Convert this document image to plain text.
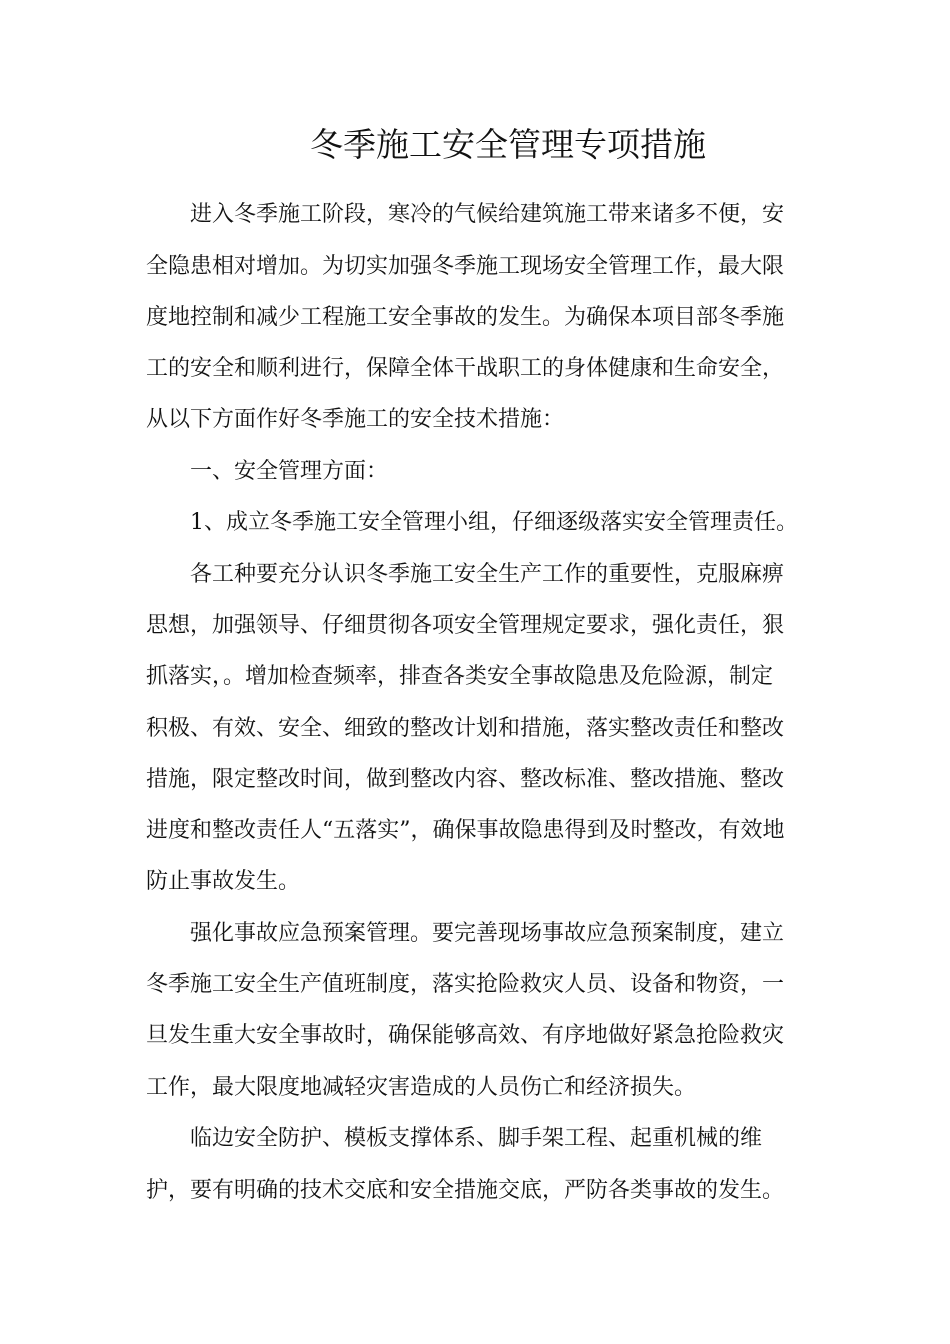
冬季施工安全管理专项措施
进入冬季施工阶段，寒冷的气候给建筑施工带来诸多不便，安
全隐患相对增加。为切实加强冬季施工现场安全管理工作，最大限
度地控制和减少工程施工安全事故的发生。为确保本项目部冬季施
工的安全和顺利进行，保障全体干战职工的身体健康和生命安全，
从以下方面作好冬季施工的安全技术措施：
一、安全管理方面：
1、成立冬季施工安全管理小组，仔细逐级落实安全管理责任。
各工种要充分认识冬季施工安全生产工作的重要性，克服麻痹
思想，加强领导、仔细贯彻各项安全管理规定要求，强化责任，狠
抓落实，。增加检查频率，排查各类安全事故隐患及危险源，制定
积极、有效、安全、细致的整改计划和措施，落实整改责任和整改
措施，限定整改时间，做到整改内容、整改标准、整改措施、整改
进度和整改责任人“五落实”，确保事故隐患得到及时整改，有效地
防止事故发生。
强化事故应急预案管理。要完善现场事故应急预案制度，建立
冬季施工安全生产值班制度，落实抢险救灾人员、设备和物资，一
旦发生重大安全事故时，确保能够高效、有序地做好紧急抢险救灾
工作，最大限度地减轻灾害造成的人员伤亡和经济损失。
临边安全防护、模板支撑体系、脚手架工程、起重机械的维
护，要有明确的技术交底和安全措施交底，严防各类事故的发生。
